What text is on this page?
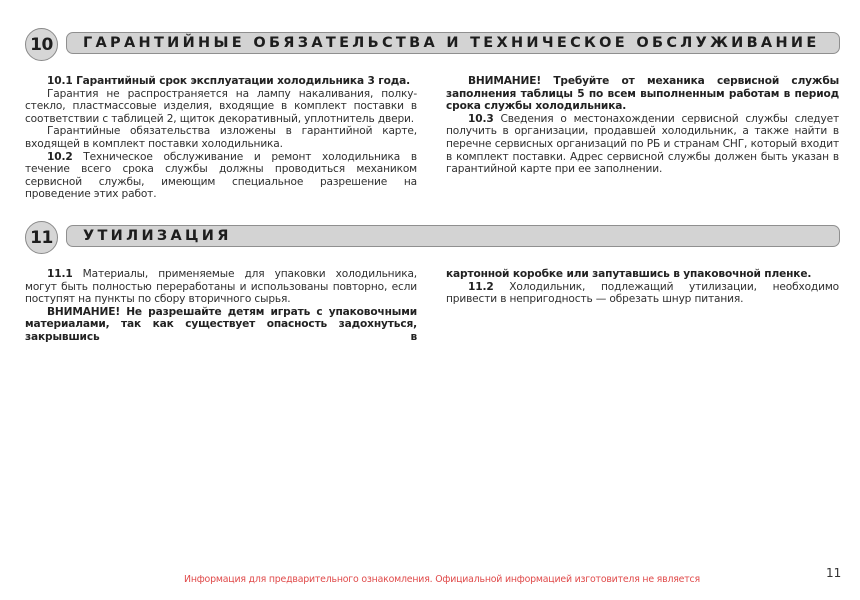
10	ГАРАНТИЙНЫЕ ОБЯЗАТЕЛЬСТВА И ТЕХНИЧЕСКОЕ ОБСЛУЖИВАНИЕ

10.1 Гарантийный срок эксплуатации холодильника 3 года.

Гарантия не распространяется на лампу накаливания, полку-стекло, пластмассовые изделия, входящие в комплект поставки в соответствии с таблицей 2, щиток декоративный, уплотнитель двери.

Гарантийные обязательства изложены в гарантийной карте, входящей в комплект поставки холодильника.

10.2 Техническое обслуживание и ремонт холодильника в течение всего срока службы должны проводиться механиком сервисной службы, имеющим специальное разрешение на проведение этих работ.

ВНИМАНИЕ! Требуйте от механика сервисной службы заполнения таблицы 5 по всем выполненным работам в период срока службы холодильника.

10.3 Сведения о местонахождении сервисной службы следует получить в организации, продавшей холодильник, а также найти в перечне сервисных организаций по РБ и странам СНГ, который входит в комплект поставки. Адрес сервисной службы должен быть указан в гарантийной карте при ее заполнении.

11	УТИЛИЗАЦИЯ

11.1 Материалы, применяемые для упаковки холодильника, могут быть полностью переработаны и использованы повторно, если поступят на пункты по сбору вторичного сырья.

ВНИМАНИЕ! Не разрешайте детям играть с упаковочными материалами, так как существует опасность задохнуться, закрывшись в

картонной коробке или запутавшись в упаковочной пленке.

11.2 Холодильник, подлежащий утилизации, необходимо привести в непригодность — обрезать шнур питания.

Информация для предварительного ознакомления. Официальной информацией изготовителя не является	11
